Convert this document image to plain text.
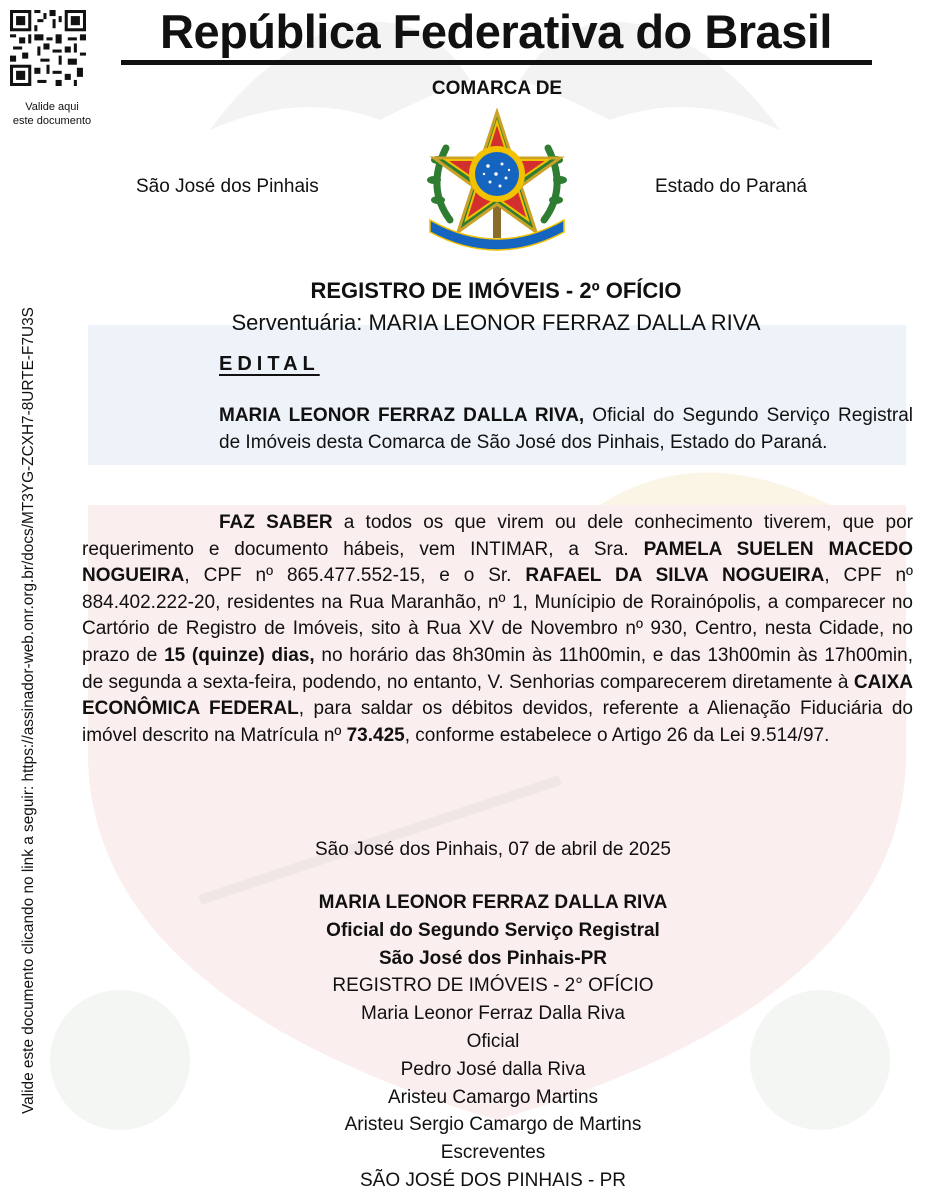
Valide aqui
este documento
Valide este documento clicando no link a seguir: https://assinador-web.onr.org.br/docs/MT3YG-ZCXH7-8URTE-F7U3S
República Federativa do Brasil
COMARCA DE
São José dos Pinhais	Estado do Paraná
REGISTRO DE IMÓVEIS - 2º OFÍCIO
Serventuária: MARIA LEONOR FERRAZ DALLA RIVA
EDITAL
MARIA LEONOR FERRAZ DALLA RIVA, Oficial do Segundo Serviço Registral de Imóveis desta Comarca de São José dos Pinhais, Estado do Paraná.
FAZ SABER a todos os que virem ou dele conhecimento tiverem, que por requerimento e documento hábeis, vem INTIMAR, a Sra. PAMELA SUELEN MACEDO NOGUEIRA, CPF nº 865.477.552-15, e o Sr. RAFAEL DA SILVA NOGUEIRA, CPF nº 884.402.222-20, residentes na Rua Maranhão, nº 1, Munícipio de Rorainópolis, a comparecer no Cartório de Registro de Imóveis, sito à Rua XV de Novembro nº 930, Centro, nesta Cidade, no prazo de 15 (quinze) dias, no horário das 8h30min às 11h00min, e das 13h00min às 17h00min, de segunda a sexta-feira, podendo, no entanto, V. Senhorias comparecerem diretamente à CAIXA ECONÔMICA FEDERAL, para saldar os débitos devidos, referente a Alienação Fiduciária do imóvel descrito na Matrícula nº 73.425, conforme estabelece o Artigo 26 da Lei 9.514/97.
São José dos Pinhais, 07 de abril de 2025
MARIA LEONOR FERRAZ DALLA RIVA
Oficial do Segundo Serviço Registral
São José dos Pinhais-PR
REGISTRO DE IMÓVEIS - 2° OFÍCIO
Maria Leonor Ferraz Dalla Riva
Oficial
Pedro José dalla Riva
Aristeu Camargo Martins
Aristeu Sergio Camargo de Martins
Escreventes
SÃO JOSÉ DOS PINHAIS - PR
